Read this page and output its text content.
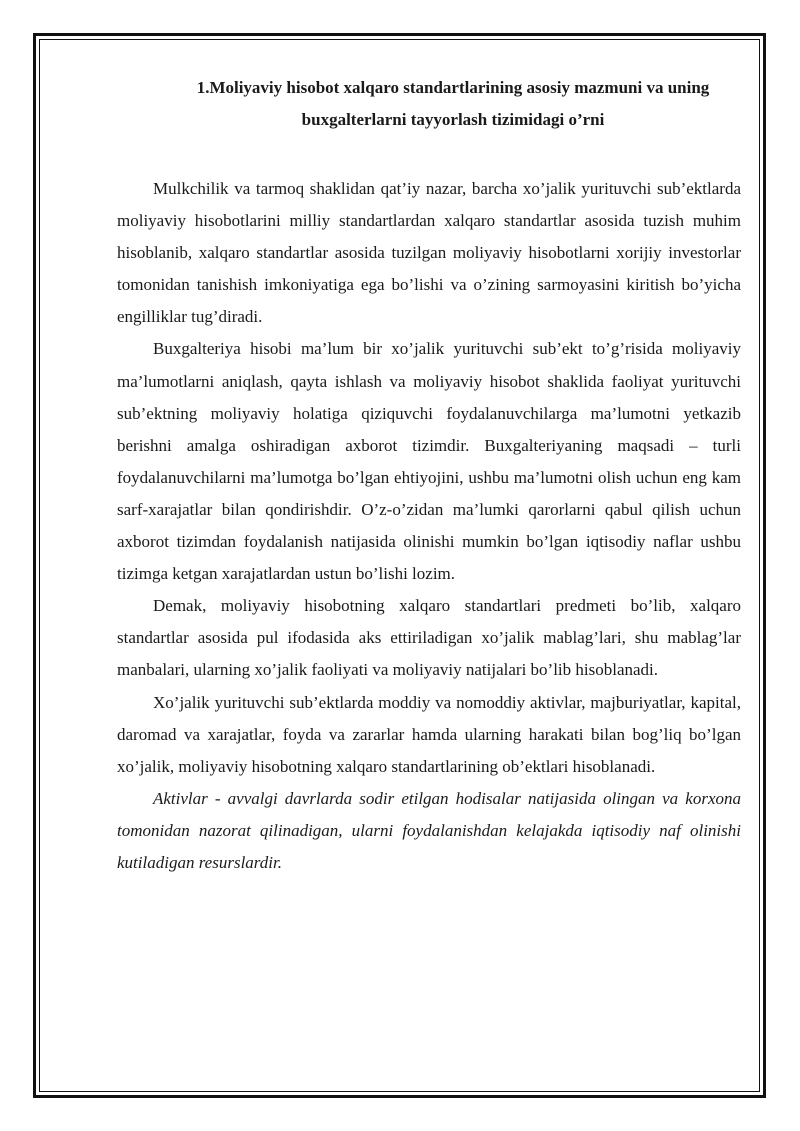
1.Moliyaviy hisobot xalqaro standartlarining asosiy mazmuni va uning
buxgalterlarni tayyorlash tizimidagi o’rni

Mulkchilik va tarmoq shaklidan qat’iy nazar, barcha xo’jalik yurituvchi sub’ektlarda moliyaviy hisobotlarini milliy standartlardan xalqaro standartlar asosida tuzish muhim hisoblanib, xalqaro standartlar asosida tuzilgan moliyaviy hisobotlarni xorijiy investorlar tomonidan tanishish imkoniyatiga ega bo’lishi va o’zining sarmoyasini kiritish bo’yicha engilliklar tug’diradi.

Buxgalteriya hisobi ma’lum bir xo’jalik yurituvchi sub’ekt to’g’risida moliyaviy ma’lumotlarni aniqlash, qayta ishlash va moliyaviy hisobot shaklida faoliyat yurituvchi sub’ektning moliyaviy holatiga qiziquvchi foydalanuvchilarga ma’lumotni yetkazib berishni amalga oshiradigan axborot tizimdir. Buxgalteriyaning maqsadi – turli foydalanuvchilarni ma’lumotga bo’lgan ehtiyojini, ushbu ma’lumotni olish uchun eng kam sarf-xarajatlar bilan qondirishdir. O’z-o’zidan ma’lumki qarorlarni qabul qilish uchun axborot tizimdan foydalanish natijasida olinishi mumkin bo’lgan iqtisodiy naflar ushbu tizimga ketgan xarajatlardan ustun bo’lishi lozim.

Demak, moliyaviy hisobotning xalqaro standartlari predmeti bo’lib, xalqaro standartlar asosida pul ifodasida aks ettiriladigan xo’jalik mablag’lari, shu mablag’lar manbalari, ularning xo’jalik faoliyati va moliyaviy natijalari bo’lib hisoblanadi.

Xo’jalik yurituvchi sub’ektlarda moddiy va nomoddiy aktivlar, majburiyatlar, kapital, daromad va xarajatlar, foyda va zararlar hamda ularning harakati bilan bog’liq bo’lgan xo’jalik, moliyaviy hisobotning xalqaro standartlarining ob’ektlari hisoblanadi.

Aktivlar - avvalgi davrlarda sodir etilgan hodisalar natijasida olingan va korxona tomonidan nazorat qilinadigan, ularni foydalanishdan kelajakda iqtisodiy naf olinishi kutiladigan resurslardir.
